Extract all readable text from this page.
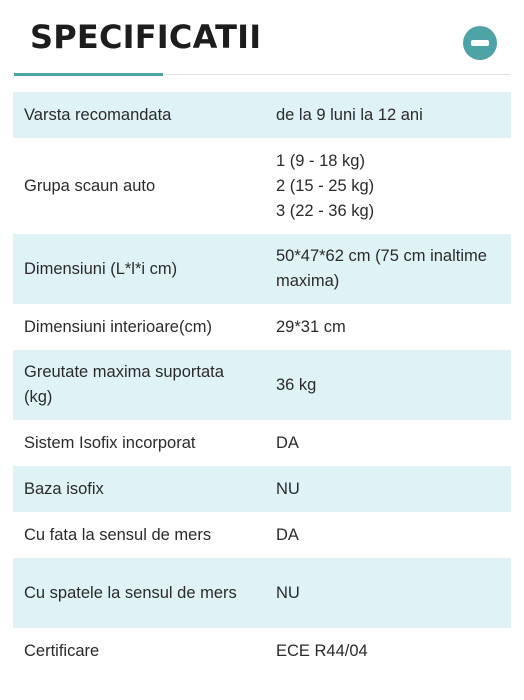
SPECIFICATII
Varsta recomandata	de la 9 luni la 12 ani

Grupa scaun auto	1 (9 - 18 kg)
2 (15 - 25 kg)
3 (22 - 36 kg)

Dimensiuni (L*l*i cm)	50*47*62 cm (75 cm inaltime
maxima)

Dimensiuni interioare(cm)	29*31 cm

Greutate maxima suportata (kg)	36 kg

Sistem Isofix incorporat	DA

Baza isofix	NU

Cu fata la sensul de mers	DA

Cu spatele la sensul de mers	NU

Certificare	ECE R44/04
